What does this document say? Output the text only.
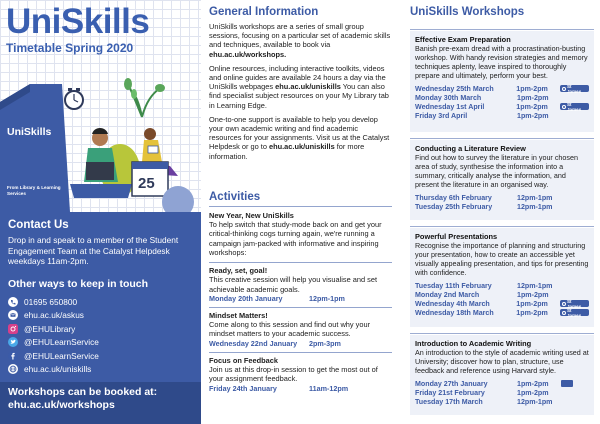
UniSkills
Timetable Spring 2020
25
UniSkills
From Library & Learning Services
Contact Us
Drop in and speak to a member of the Student Engagement Team at the Catalyst Helpdesk weekdays 11am-2pm.
Other ways to keep in touch
01695 650800
ehu.ac.uk/askus
@EHULibrary
@EHULearnService
@EHULearnService
ehu.ac.uk/uniskills
Workshops can be booked at:
ehu.ac.uk/workshops
General Information
UniSkills workshops are a series of small group sessions, focusing on a particular set of academic skills and techniques, available to book via ehu.ac.uk/workshops.
Online resources, including interactive toolkits, videos and online guides are available 24 hours a day via the UniSkills webpages ehu.ac.uk/uniskills You can also find specialist subject resources on your My Library tab in Learning Edge.
One-to-one support is available to help you develop your own academic writing and find academic resources for your assignments. Visit us at the Catalyst Helpdesk or go to ehu.ac.uk/uniskills for more information.
Activities
New Year, New UniSkills
To help switch that study-mode back on and get your critical-thinking cogs turning again, we're running a campaign jam-packed with informative and inspiring workshops:
Ready, set, goal!
This creative session will help you visualise and set achievable academic goals.
Monday 20th January	12pm-1pm
Mindset Matters!
Come along to this session and find out why your mindset matters to your academic success.
Wednesday 22nd January	2pm-3pm
Focus on Feedback
Join us at this drop-in session to get the most out of your assignment feedback.
Friday 24th January	11am-12pm
UniSkills Workshops
Effective Exam Preparation
Banish pre-exam dread with a procrastination-busting workshop. With handy revision strategies and memory techniques aplenty, leave inspired to thoroughly prepare and ultimately, perform your best.
Wednesday 25th March	1pm-2pm	St James
Monday 30th March	1pm-2pm
Wednesday 1st April	1pm-2pm	St James
Friday 3rd April	1pm-2pm
Conducting a Literature Review
Find out how to survey the literature in your chosen area of study, synthesise the information into a summary, critically analyse the information, and present the literature in an organised way.
Thursday 6th February	12pm-1pm
Tuesday 25th February	12pm-1pm
Powerful Presentations
Recognise the importance of planning and structuring your presentation, how to create an accessible yet visually appealing presentation, and tips for presenting with confidence.
Tuesday 11th February	12pm-1pm
Monday 2nd March	1pm-2pm
Wednesday 4th March	1pm-2pm	St James
Wednesday 18th March	1pm-2pm	St James
Introduction to Academic Writing
An introduction to the style of academic writing used at University; discover how to plan, structure, use feedback and reference using Harvard style.
Monday 27th January	1pm-2pm
Friday 21st February	1pm-2pm
Tuesday 17th March	12pm-1pm
